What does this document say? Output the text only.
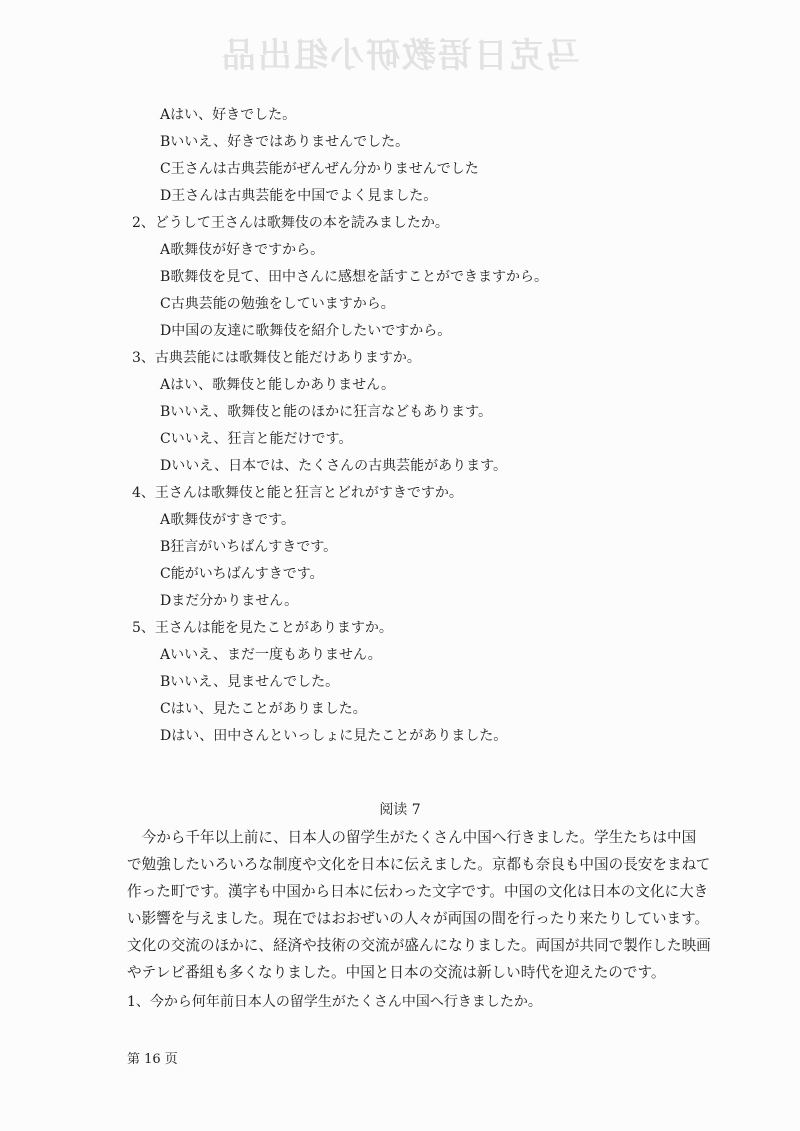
马克日语教研小组出品
Aはい、好きでした。
Bいいえ、好きではありませんでした。
C王さんは古典芸能がぜんぜん分かりませんでした
D王さんは古典芸能を中国でよく見ました。
2、どうして王さんは歌舞伎の本を読みましたか。
A歌舞伎が好きですから。
B歌舞伎を見て、田中さんに感想を話すことができますから。
C古典芸能の勉強をしていますから。
D中国の友達に歌舞伎を紹介したいですから。
3、古典芸能には歌舞伎と能だけありますか。
Aはい、歌舞伎と能しかありません。
Bいいえ、歌舞伎と能のほかに狂言などもあります。
Cいいえ、狂言と能だけです。
Dいいえ、日本では、たくさんの古典芸能があります。
4、王さんは歌舞伎と能と狂言とどれがすきですか。
A歌舞伎がすきです。
B狂言がいちばんすきです。
C能がいちばんすきです。
Dまだ分かりません。
5、王さんは能を見たことがありますか。
Aいいえ、まだ一度もありません。
Bいいえ、見ませんでした。
Cはい、見たことがありました。
Dはい、田中さんといっしょに見たことがありました。
阅读 7
　今から千年以上前に、日本人の留学生がたくさん中国へ行きました。学生たちは中国
で勉強したいろいろな制度や文化を日本に伝えました。京都も奈良も中国の長安をまねて
作った町です。漢字も中国から日本に伝わった文字です。中国の文化は日本の文化に大き
い影響を与えました。現在ではおおぜいの人々が両国の間を行ったり来たりしています。
文化の交流のほかに、経済や技術の交流が盛んになりました。両国が共同で製作した映画
やテレビ番組も多くなりました。中国と日本の交流は新しい時代を迎えたのです。
1、今から何年前日本人の留学生がたくさん中国へ行きましたか。
第 16 页
